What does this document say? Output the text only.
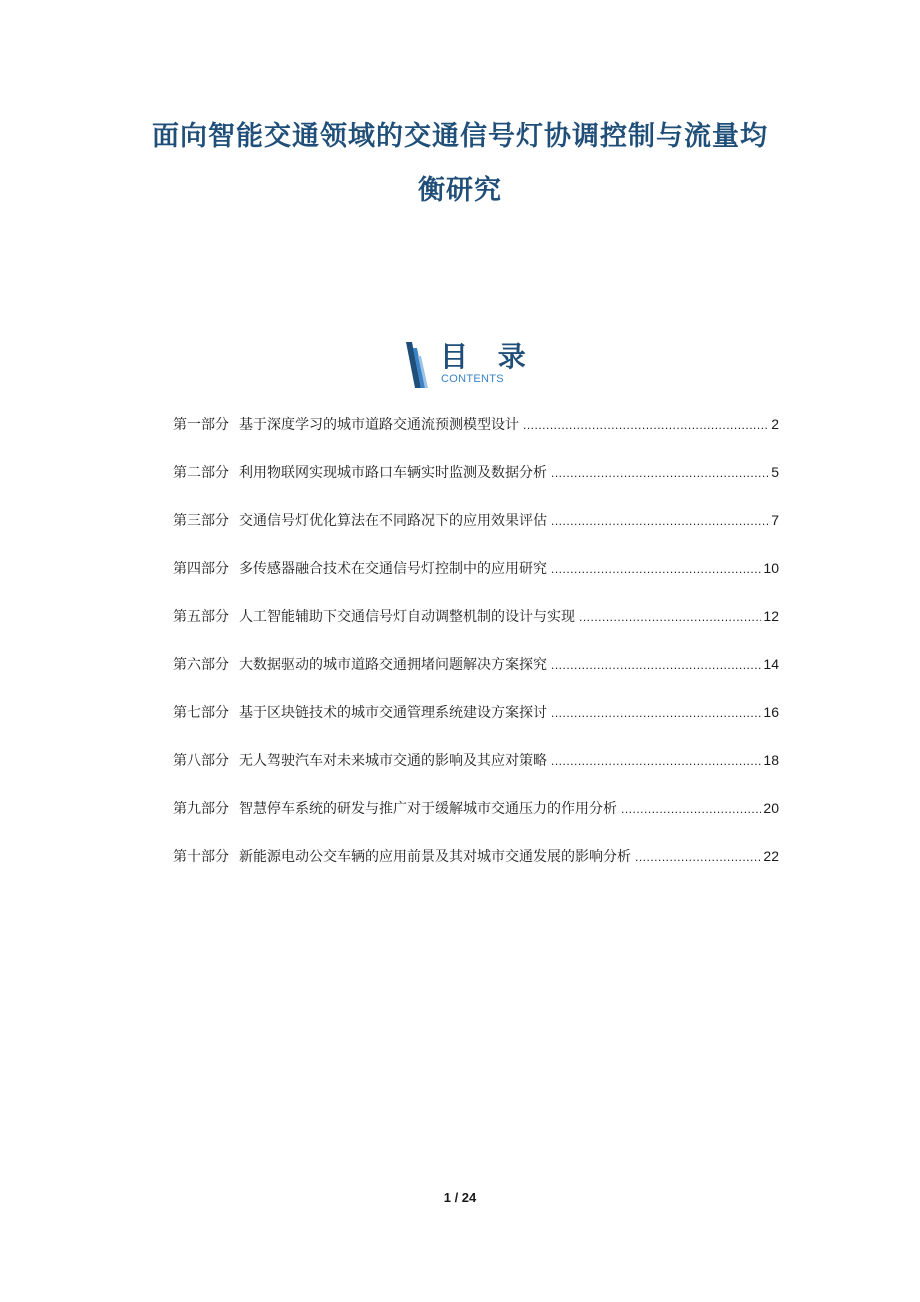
面向智能交通领域的交通信号灯协调控制与流量均
衡研究
目 录
CONTENTS
第一部分 基于深度学习的城市道路交通流预测模型设计 .....	2
第二部分 利用物联网实现城市路口车辆实时监测及数据分析 .....	5
第三部分 交通信号灯优化算法在不同路况下的应用效果评估 .....	7
第四部分 多传感器融合技术在交通信号灯控制中的应用研究 .....	10
第五部分 人工智能辅助下交通信号灯自动调整机制的设计与实现 .....	12
第六部分 大数据驱动的城市道路交通拥堵问题解决方案探究 .....	14
第七部分 基于区块链技术的城市交通管理系统建设方案探讨 .....	16
第八部分 无人驾驶汽车对未来城市交通的影响及其应对策略 .....	18
第九部分 智慧停车系统的研发与推广对于缓解城市交通压力的作用分析 .....	20
第十部分 新能源电动公交车辆的应用前景及其对城市交通发展的影响分析 .....	22
1 / 24
